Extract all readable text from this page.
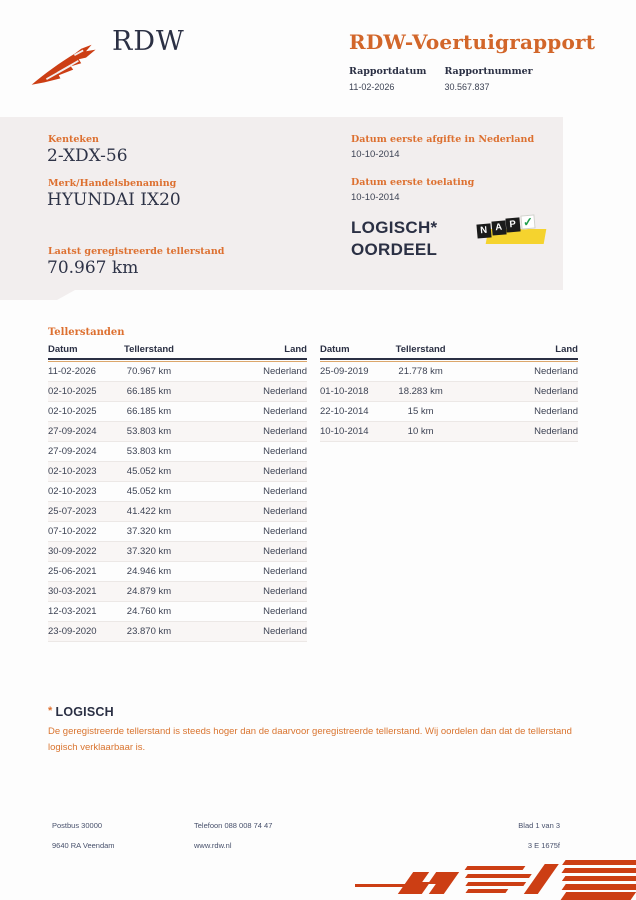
RDW	RDW-Voertuigrapport
Rapportdatum
11-02-2026
Rapportnummer
30.567.837
Kenteken
2-XDX-56
Merk/Handelsbenaming
HYUNDAI IX20
Laatst geregistreerde tellerstand
70.967 km
Datum eerste afgifte in Nederland
10-10-2014
Datum eerste toelating
10-10-2014
LOGISCH*
OORDEEL
N A P ✓
Tellerstanden
Datum	Tellerstand	Land

11-02-2026	70.967 km	Nederland
02-10-2025	66.185 km	Nederland
02-10-2025	66.185 km	Nederland
27-09-2024	53.803 km	Nederland
27-09-2024	53.803 km	Nederland
02-10-2023	45.052 km	Nederland
02-10-2023	45.052 km	Nederland
25-07-2023	41.422 km	Nederland
07-10-2022	37.320 km	Nederland
30-09-2022	37.320 km	Nederland
25-06-2021	24.946 km	Nederland
30-03-2021	24.879 km	Nederland
12-03-2021	24.760 km	Nederland
23-09-2020	23.870 km	Nederland
Datum	Tellerstand	Land

25-09-2019	21.778 km	Nederland
01-10-2018	18.283 km	Nederland
22-10-2014	15 km	Nederland
10-10-2014	10 km	Nederland
* LOGISCH

De geregistreerde tellerstand is steeds hoger dan de daarvoor geregistreerde tellerstand. Wij oordelen dan dat de tellerstand logisch verklaarbaar is.

Postbus 30000
9640 RA Veendam
Telefoon 088 008 74 47
www.rdw.nl
Blad 1 van 3
3 E 1675f
